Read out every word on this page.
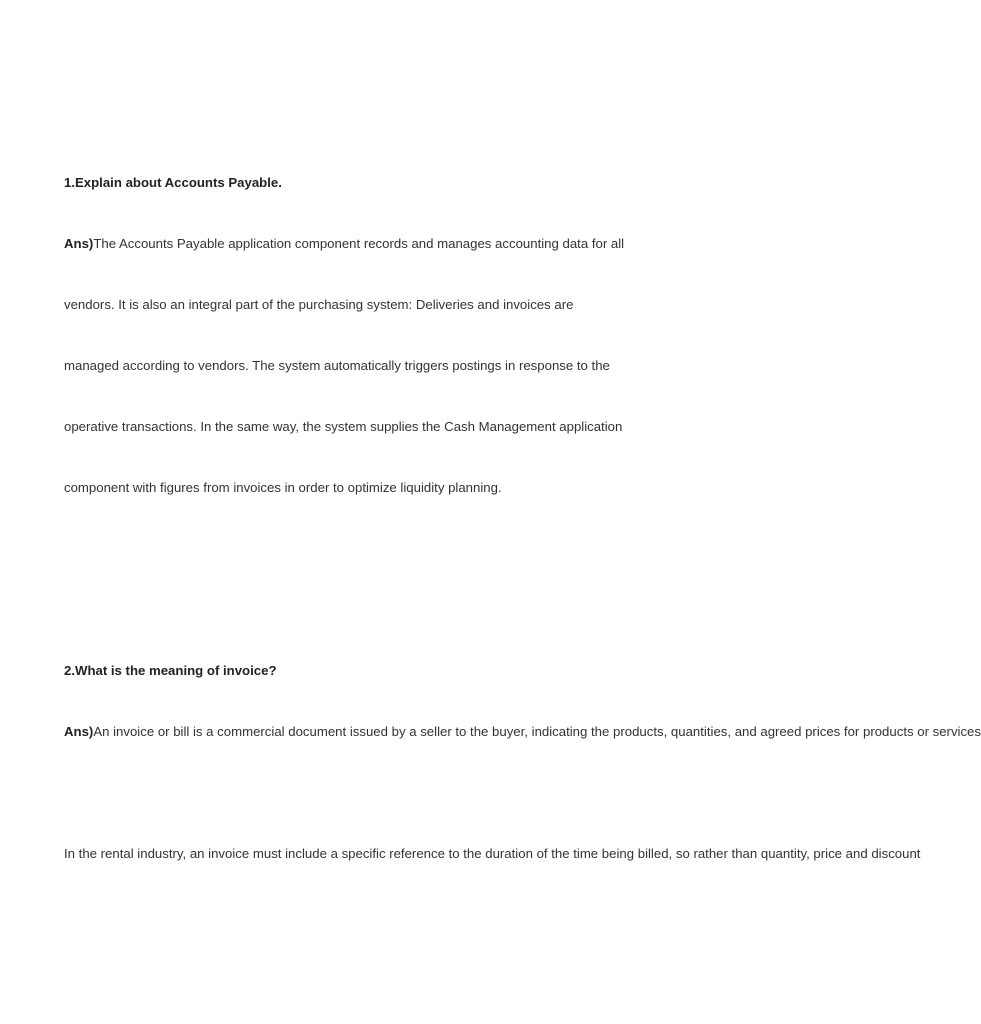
1.Explain about Accounts Payable.
Ans)The Accounts Payable application component records and manages accounting data for all
vendors. It is also an integral part of the purchasing system: Deliveries and invoices are
managed according to vendors. The system automatically triggers postings in response to the
operative transactions. In the same way, the system supplies the Cash Management application
component with figures from invoices in order to optimize liquidity planning.
2.What is the meaning of invoice?
Ans)An invoice or bill is a commercial document issued by a seller to the buyer, indicating the products, quantities, and agreed prices for products or services
In the rental industry, an invoice must include a specific reference to the duration of the time being billed, so rather than quantity, price and discount
